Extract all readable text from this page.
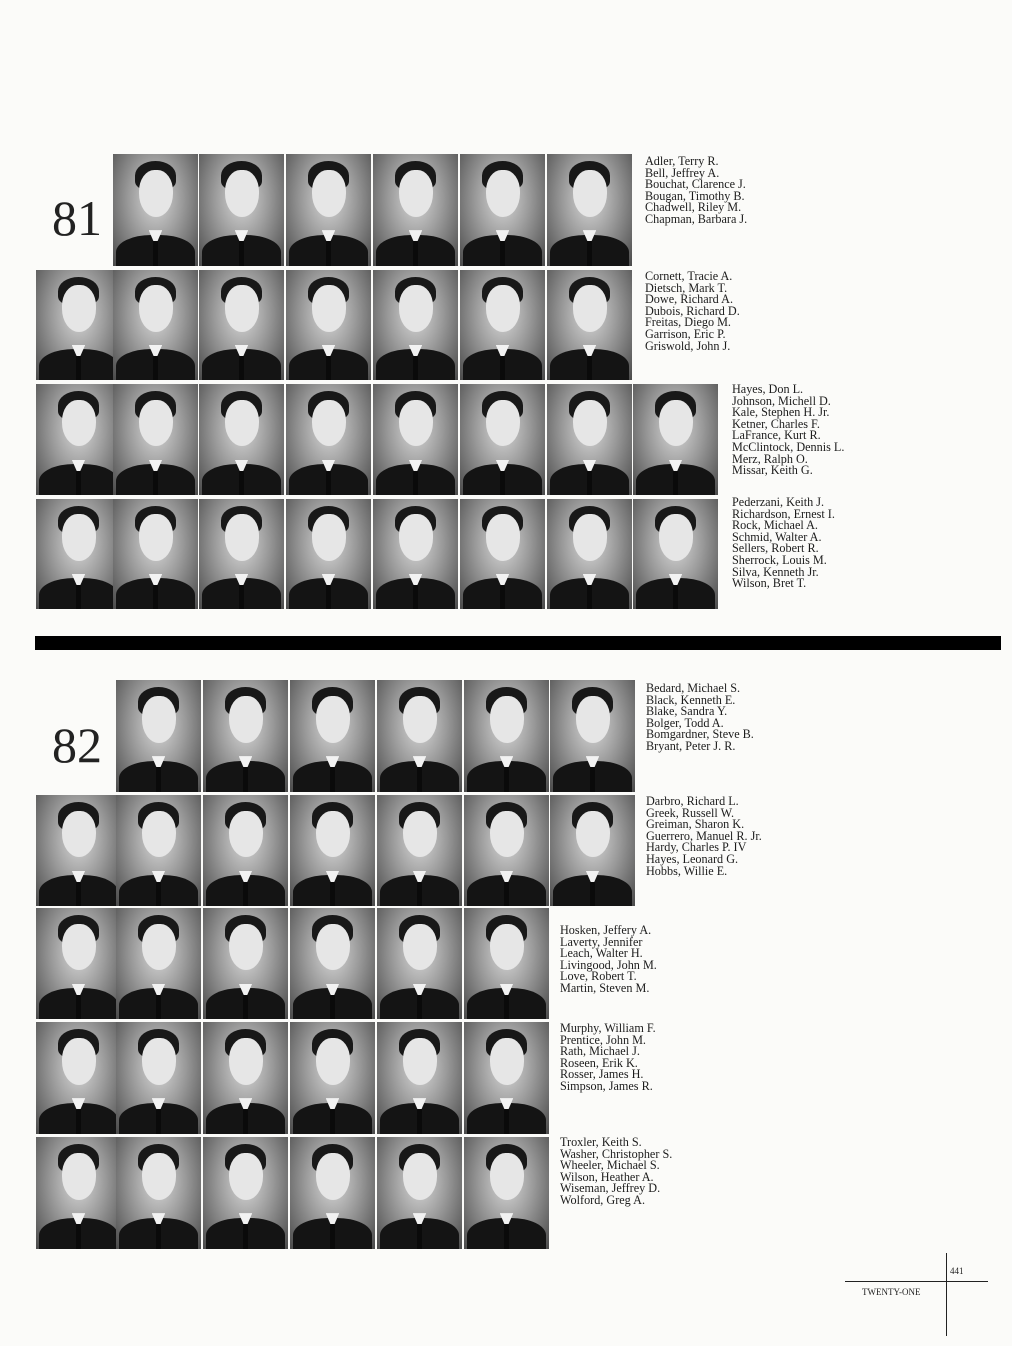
81
Adler, Terry R.
Bell, Jeffrey A.
Bouchat, Clarence J.
Bougan, Timothy B.
Chadwell, Riley M.
Chapman, Barbara J.
Cornett, Tracie A.
Dietsch, Mark T.
Dowe, Richard A.
Dubois, Richard D.
Freitas, Diego M.
Garrison, Eric P.
Griswold, John J.
Hayes, Don L.
Johnson, Michell D.
Kale, Stephen H. Jr.
Ketner, Charles F.
LaFrance, Kurt R.
McClintock, Dennis L.
Merz, Ralph O.
Missar, Keith G.
Pederzani, Keith J.
Richardson, Ernest I.
Rock, Michael A.
Schmid, Walter A.
Sellers, Robert R.
Sherrock, Louis M.
Silva, Kenneth Jr.
Wilson, Bret T.
82
Bedard, Michael S.
Black, Kenneth E.
Blake, Sandra Y.
Bolger, Todd A.
Bomgardner, Steve B.
Bryant, Peter J. R.
Darbro, Richard L.
Greek, Russell W.
Greiman, Sharon K.
Guerrero, Manuel R. Jr.
Hardy, Charles P. IV
Hayes, Leonard G.
Hobbs, Willie E.
Hosken, Jeffery A.
Laverty, Jennifer
Leach, Walter H.
Livingood, John M.
Love, Robert T.
Martin, Steven M.
Murphy, William F.
Prentice, John M.
Rath, Michael J.
Roseen, Erik K.
Rosser, James H.
Simpson, James R.
Troxler, Keith S.
Washer, Christopher S.
Wheeler, Michael S.
Wilson, Heather A.
Wiseman, Jeffrey D.
Wolford, Greg A.
441
TWENTY-ONE
